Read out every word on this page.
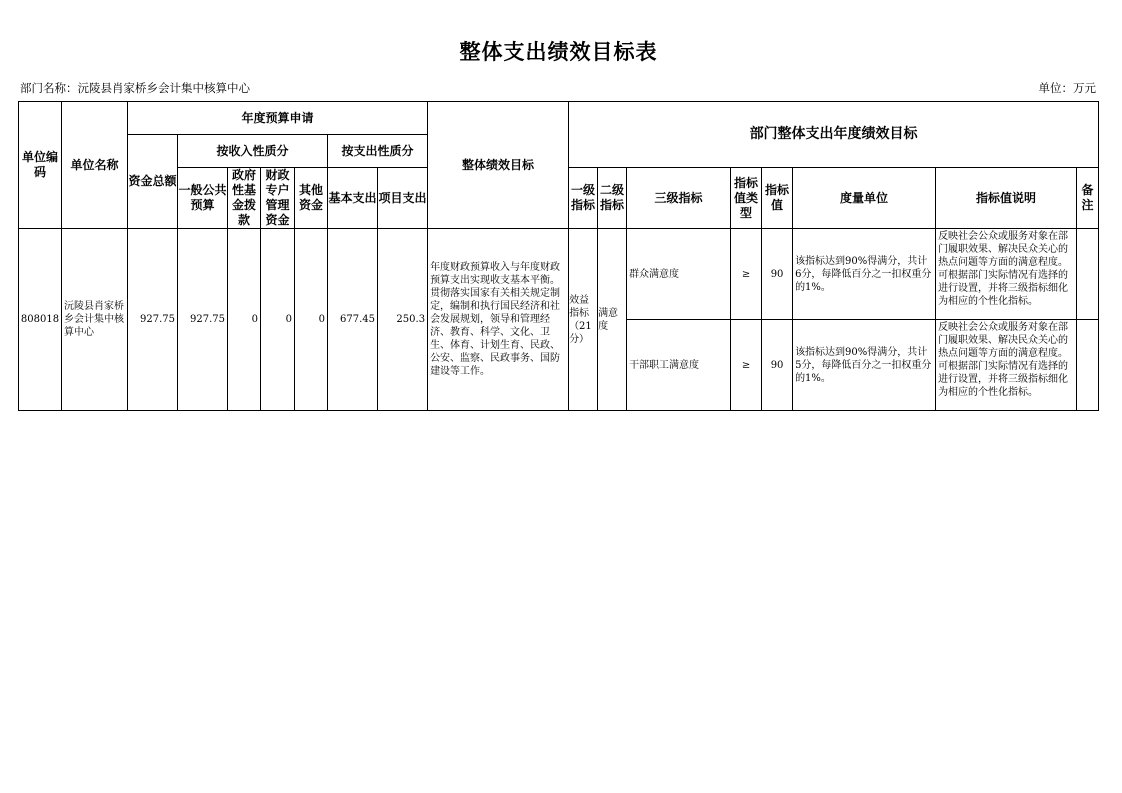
整体支出绩效目标表
部门名称：沅陵县肖家桥乡会计集中核算中心	单位：万元
单位编码	单位名称	年度预算申请							整体绩效目标	部门整体支出年度绩效目标							
		资金总额	按收入性质分				按支出性质分										
			一般公共预算	政府性基金拨款	财政专户管理资金	其他资金	基本支出	项目支出		一级指标	二级指标	三级指标	指标值类型	指标值	度量单位	指标值说明	备注
808018	沅陵县肖家桥乡会计集中核算中心	927.75	927.75	0	0	0	677.45	250.3	年度财政预算收入与年度财政预算支出实现收支基本平衡。 贯彻落实国家有关相关规定制定，编制和执行国民经济和社会发展规划，领导和管理经济、教育、科学、文化、卫生、体育、计划生育、民政、公安、监察、民政事务、国防建设等工作。	效益指标（21分）	满意度	群众满意度	≥	90	该指标达到90%得满分，共计6分，每降低百分之一扣权重分的1%。	反映社会公众或服务对象在部门履职效果、解决民众关心的热点问题等方面的满意程度。可根据部门实际情况有选择的进行设置，并将三级指标细化为相应的个性化指标。	

												干部职工满意度	≥	90	该指标达到90%得满分，共计5分，每降低百分之一扣权重分的1%。	反映社会公众或服务对象在部门履职效果、解决民众关心的热点问题等方面的满意程度。可根据部门实际情况有选择的进行设置，并将三级指标细化为相应的个性化指标。	
